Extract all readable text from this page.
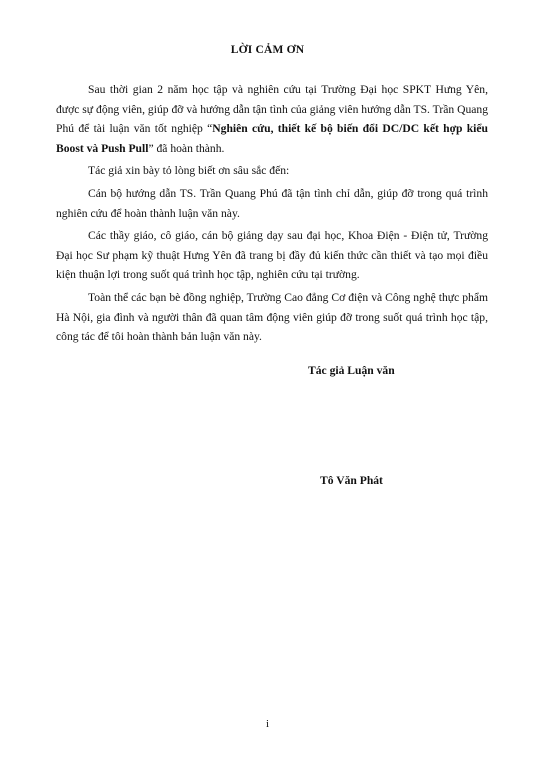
LỜI CẢM ƠN

Sau thời gian 2 năm học tập và nghiên cứu tại Trường Đại học SPKT Hưng Yên, được sự động viên, giúp đỡ và hướng dẫn tận tình của giảng viên hướng dẫn TS. Trần Quang Phú để tài luận văn tốt nghiệp “Nghiên cứu, thiết kế bộ biến đổi DC/DC kết hợp kiểu Boost và Push Pull” đã hoàn thành.

Tác giả xin bày tỏ lòng biết ơn sâu sắc đến:

Cán bộ hướng dẫn TS. Trần Quang Phú đã tận tình chỉ dẫn, giúp đỡ trong quá trình nghiên cứu để hoàn thành luận văn này.

Các thầy giáo, cô giáo, cán bộ giảng dạy sau đại học, Khoa Điện - Điện tử, Trường Đại học Sư phạm kỹ thuật Hưng Yên đã trang bị đầy đủ kiến thức cần thiết và tạo mọi điều kiện thuận lợi trong suốt quá trình học tập, nghiên cứu tại trường.

Toàn thể các bạn bè đồng nghiệp, Trường Cao đẳng Cơ điện và Công nghệ thực phẩm Hà Nội, gia đình và người thân đã quan tâm động viên giúp đỡ trong suốt quá trình học tập, công tác để tôi hoàn thành bản luận văn này.

Tác giả Luận văn
Tô Văn Phát
i
